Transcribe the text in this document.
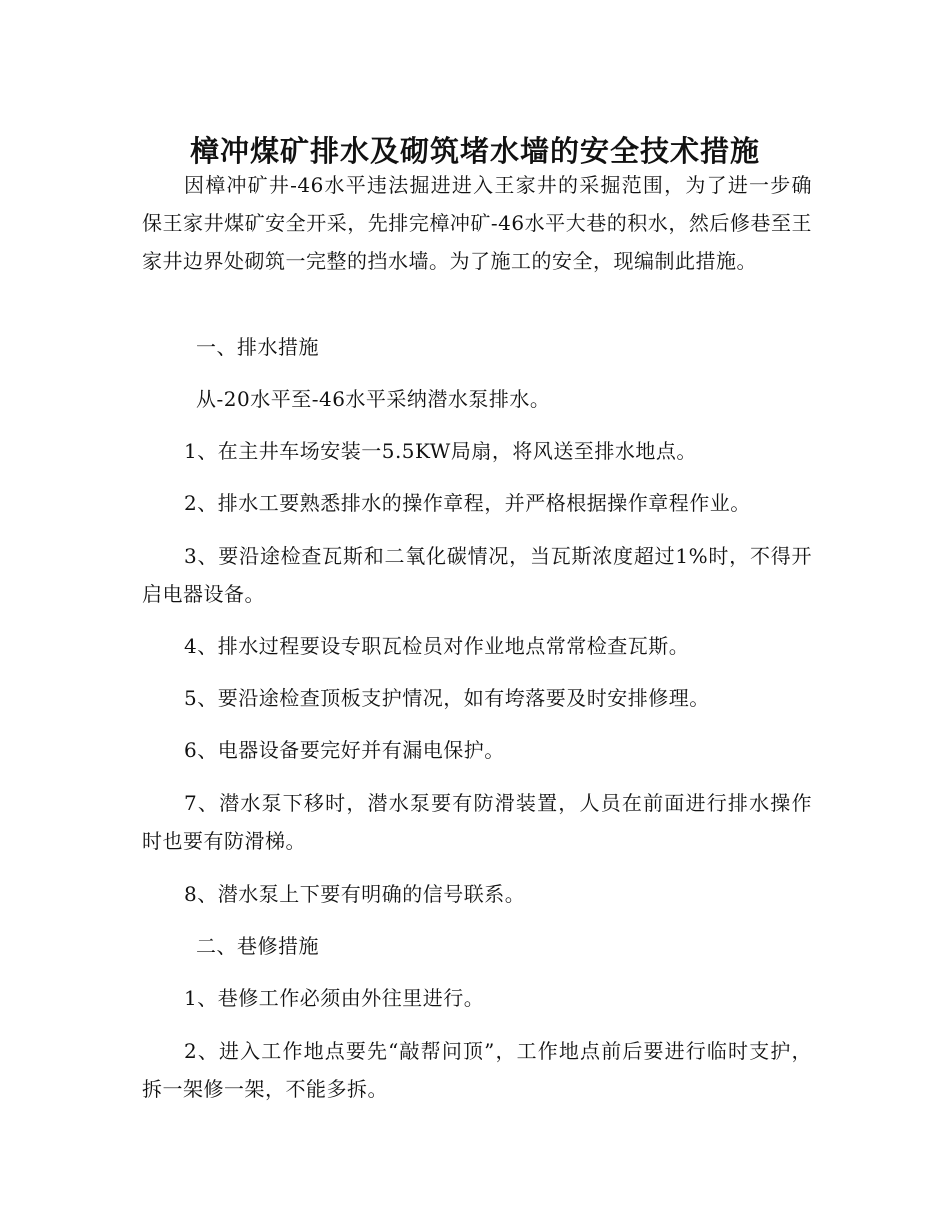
樟冲煤矿排水及砌筑堵水墙的安全技术措施

因樟冲矿井-46水平违法掘进进入王家井的采掘范围，为了进一步确保王家井煤矿安全开采，先排完樟冲矿-46水平大巷的积水，然后修巷至王家井边界处砌筑一完整的挡水墙。为了施工的安全，现编制此措施。

一、排水措施

从-20水平至-46水平采纳潜水泵排水。

1、在主井车场安装一5.5KW局扇，将风送至排水地点。

2、排水工要熟悉排水的操作章程，并严格根据操作章程作业。

3、要沿途检查瓦斯和二氧化碳情况，当瓦斯浓度超过1%时，不得开启电器设备。

4、排水过程要设专职瓦检员对作业地点常常检查瓦斯。

5、要沿途检查顶板支护情况，如有垮落要及时安排修理。

6、电器设备要完好并有漏电保护。

7、潜水泵下移时，潜水泵要有防滑装置，人员在前面进行排水操作时也要有防滑梯。

8、潜水泵上下要有明确的信号联系。

二、巷修措施

1、巷修工作必须由外往里进行。

2、进入工作地点要先“敲帮问顶”，工作地点前后要进行临时支护，拆一架修一架，不能多拆。
